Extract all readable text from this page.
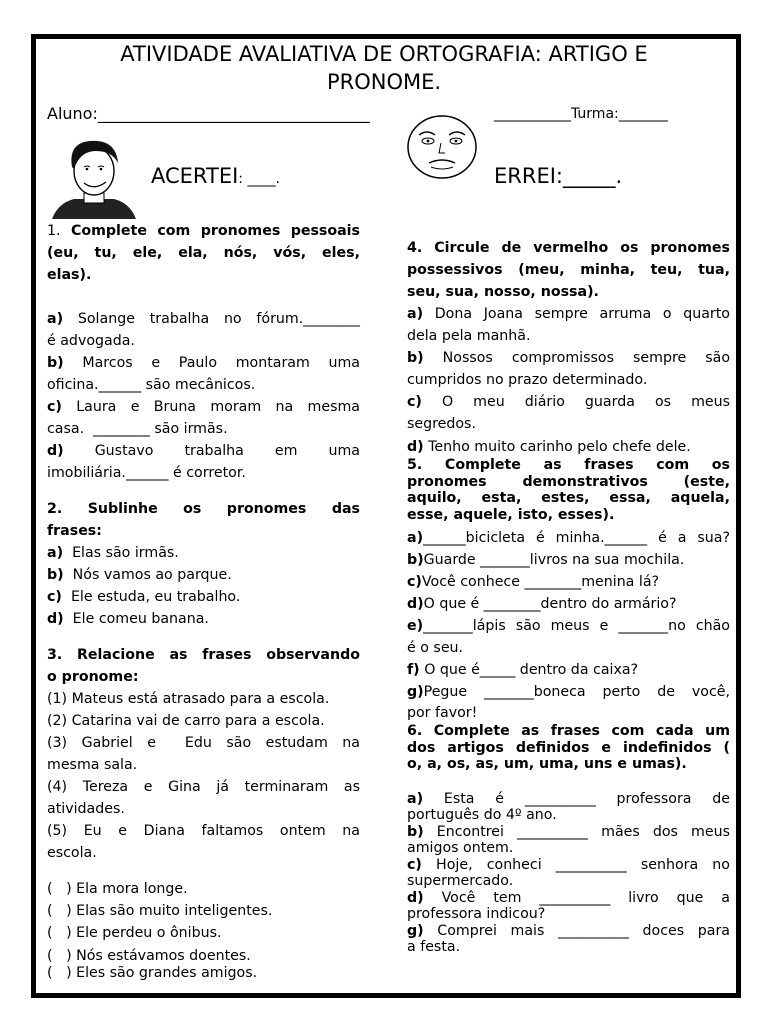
ATIVIDADE AVALIATIVA DE ORTOGRAFIA: ARTIGO E
PRONOME.
Aluno:__________________________________	___________Turma:_______
ACERTEI: ____.	ERREI:_____.

1. Complete com pronomes pessoais

(eu, tu, ele, ela, nós, vós, eles,

elas).

a) Solange trabalha no fórum.________

é advogada.

b) Marcos e Paulo montaram uma

oficina.______ são mecânicos.

c) Laura e Bruna moram na mesma

casa.  ________ são irmãs.

d) Gustavo trabalha em uma

imobiliária.______ é corretor.

2. Sublinhe os pronomes das

frases:

a) Elas são irmãs.

b) Nós vamos ao parque.

c) Ele estuda, eu trabalho.

d) Ele comeu banana.

3. Relacione as frases observando

o pronome:

(1) Mateus está atrasado para a escola.

(2) Catarina vai de carro para a escola.

(3) Gabriel e  Edu são estudam na

mesma sala.

(4) Tereza e Gina já terminaram as

atividades.

(5) Eu e Diana faltamos ontem na

escola.

(   ) Ela mora longe.

(   ) Elas são muito inteligentes.

(   ) Ele perdeu o ônibus.

(   ) Nós estávamos doentes.

(   ) Eles são grandes amigos.

4. Circule de vermelho os pronomes

possessivos (meu, minha, teu, tua,

seu, sua, nosso, nossa).

a) Dona Joana sempre arruma o quarto

dela pela manhã.

b) Nossos compromissos sempre são

cumpridos no prazo determinado.

c) O meu diário guarda os meus

segredos.

d) Tenho muito carinho pelo chefe dele.

5. Complete as frases com os

pronomes demonstrativos (este,

aquilo, esta, estes, essa, aquela,

esse, aquele, isto, esses).

a)______bicicleta é minha.______ é a sua?

b)Guarde _______livros na sua mochila.

c)Você conhece ________menina lá?

d)O que é ________dentro do armário?

e)_______lápis são meus e _______no chão

é o seu.

f) O que é_____ dentro da caixa?

g)Pegue _______boneca perto de você,

por favor!

6. Complete as frases com cada um

dos artigos definidos e indefinidos (

o, a, os, as, um, uma, uns e umas).

a) Esta é __________ professora de

português do 4º ano.

b) Encontrei __________ mães dos meus

amigos ontem.

c) Hoje, conheci __________ senhora no

supermercado.

d) Você tem __________ livro que a

professora indicou?

g) Comprei mais __________ doces para

a festa.
